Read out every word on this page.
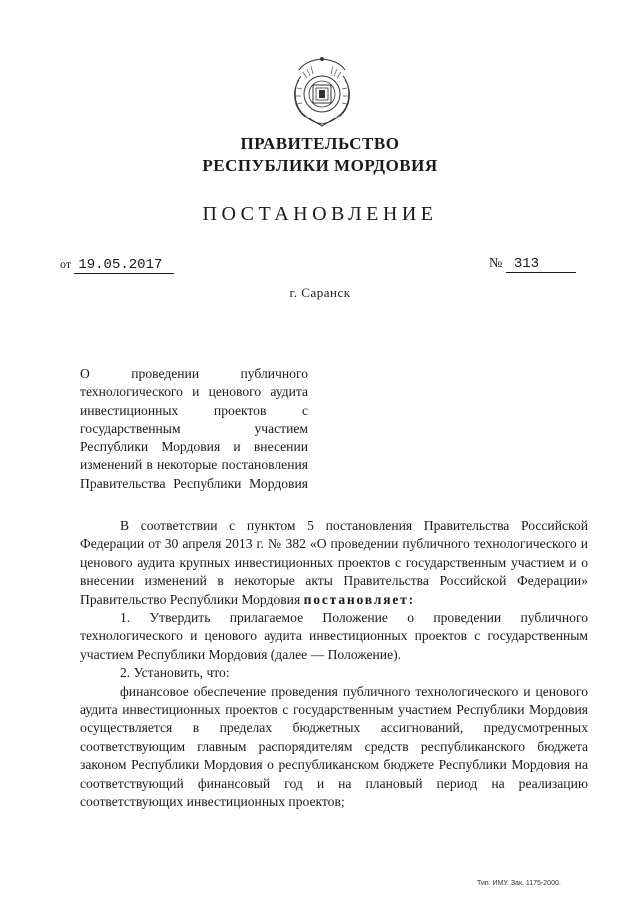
ПРАВИТЕЛЬСТВО
РЕСПУБЛИКИ МОРДОВИЯ
ПОСТАНОВЛЕНИЕ
от 19.05.2017	№ 313
г. Саранск
О проведении публичного технологического и ценового аудита инвестиционных проектов с государственным участием Республики Мордовия и внесении изменений в некоторые постановления Правительства Республики Мордовия

В соответствии с пунктом 5 постановления Правительства Российской Федерации от 30 апреля 2013 г. № 382 «О проведении публичного технологического и ценового аудита крупных инвестиционных проектов с государственным участием и о внесении изменений в некоторые акты Правительства Российской Федерации» Правительство Республики Мордовия постановляет:

1. Утвердить прилагаемое Положение о проведении публичного технологического и ценового аудита инвестиционных проектов с государственным участием Республики Мордовия (далее — Положение).

2. Установить, что:

финансовое обеспечение проведения публичного технологического и ценового аудита инвестиционных проектов с государственным участием Республики Мордовия осуществляется в пределах бюджетных ассигнований, предусмотренных соответствующим главным распорядителям средств республиканского бюджета законом Республики Мордовия о республиканском бюджете Республики Мордовия на соответствующий финансовый год и на плановый период на реализацию соответствующих инвестиционных проектов;

Тип. ИМУ. Зак. 1175-2000.
